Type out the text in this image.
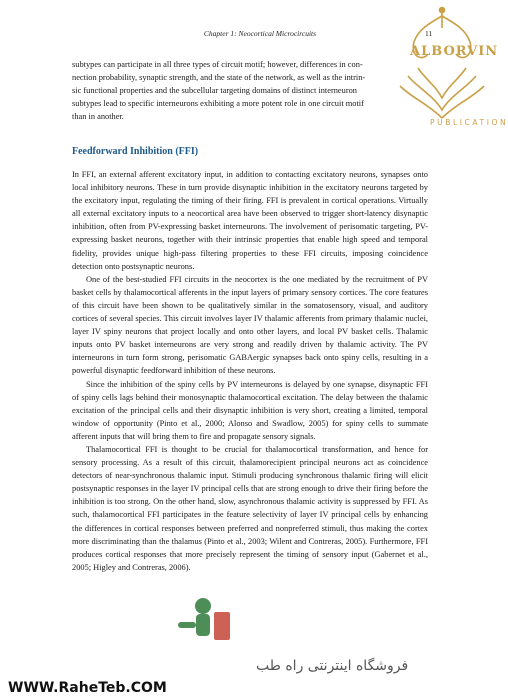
Chapter 1: Neocortical Microcircuits	11
ALBORVIN
PUBLICATION

subtypes can participate in all three types of circuit motif; however, differences in con-
nection probability, synaptic strength, and the state of the network, as well as the intrin-
sic functional properties and the subcellular targeting domains of distinct interneuron
subtypes lead to specific interneurons exhibiting a more potent role in one circuit motif
than in another.

Feedforward Inhibition (FFI)

In FFI, an external afferent excitatory input, in addition to contacting excitatory neurons, synapses onto local inhibitory neurons. These in turn provide disynaptic inhibition in the excitatory neurons targeted by the excitatory input, regulating the timing of their firing. FFI is prevalent in cortical operations. Virtually all external excitatory inputs to a neocortical area have been observed to trigger short-latency disynaptic inhibition, often from PV-expressing basket interneurons. The involvement of perisomatic targeting, PV-expressing basket neurons, together with their intrinsic properties that enable high speed and temporal fidelity, provides unique high-pass filtering properties to these FFI circuits, imposing coincidence detection onto postsynaptic neurons.

One of the best-studied FFI circuits in the neocortex is the one mediated by the recruitment of PV basket cells by thalamocortical afferents in the input layers of primary sensory cortices. The core features of this circuit have been shown to be qualitatively similar in the somatosensory, visual, and auditory cortices of several species. This circuit involves layer IV thalamic afferents from primary thalamic nuclei, layer IV spiny neurons that project locally and onto other layers, and local PV basket cells. Thalamic inputs onto PV basket interneurons are very strong and readily driven by thalamic activity. The PV interneurons in turn form strong, perisomatic GABAergic synapses back onto spiny cells, resulting in a powerful disynaptic feedforward inhibition of these neurons.

Since the inhibition of the spiny cells by PV interneurons is delayed by one synapse, disynaptic FFI of spiny cells lags behind their monosynaptic thalamocortical excitation. The delay between the thalamic excitation of the principal cells and their disynaptic inhibition is very short, creating a limited, temporal window of opportunity (Pinto et al., 2000; Alonso and Swadlow, 2005) for spiny cells to summate afferent inputs that will bring them to fire and propagate sensory signals.

Thalamocortical FFI is thought to be crucial for thalamocortical transformation, and hence for sensory processing. As a result of this circuit, thalamorecipient principal neurons act as coincidence detectors of near-synchronous thalamic input. Stimuli producing synchronous thalamic firing will elicit postsynaptic responses in the layer IV principal cells that are strong enough to drive their firing before the inhibition is too strong. On the other hand, slow, asynchronous thalamic activity is suppressed by FFI. As such, thalamocortical FFI participates in the feature selectivity of layer IV principal cells by enhancing the differences in cortical responses between preferred and nonpreferred stimuli, thus making the cortex more discriminating than the thalamus (Pinto et al., 2003; Wilent and Contreras, 2005). Furthermore, FFI produces cortical responses that more precisely represent the timing of sensory input (Gabernet et al., 2005; Higley and Contreras, 2006).

فروشگاه اینترنتی راه طب
WWW.RaheTeb.COM
